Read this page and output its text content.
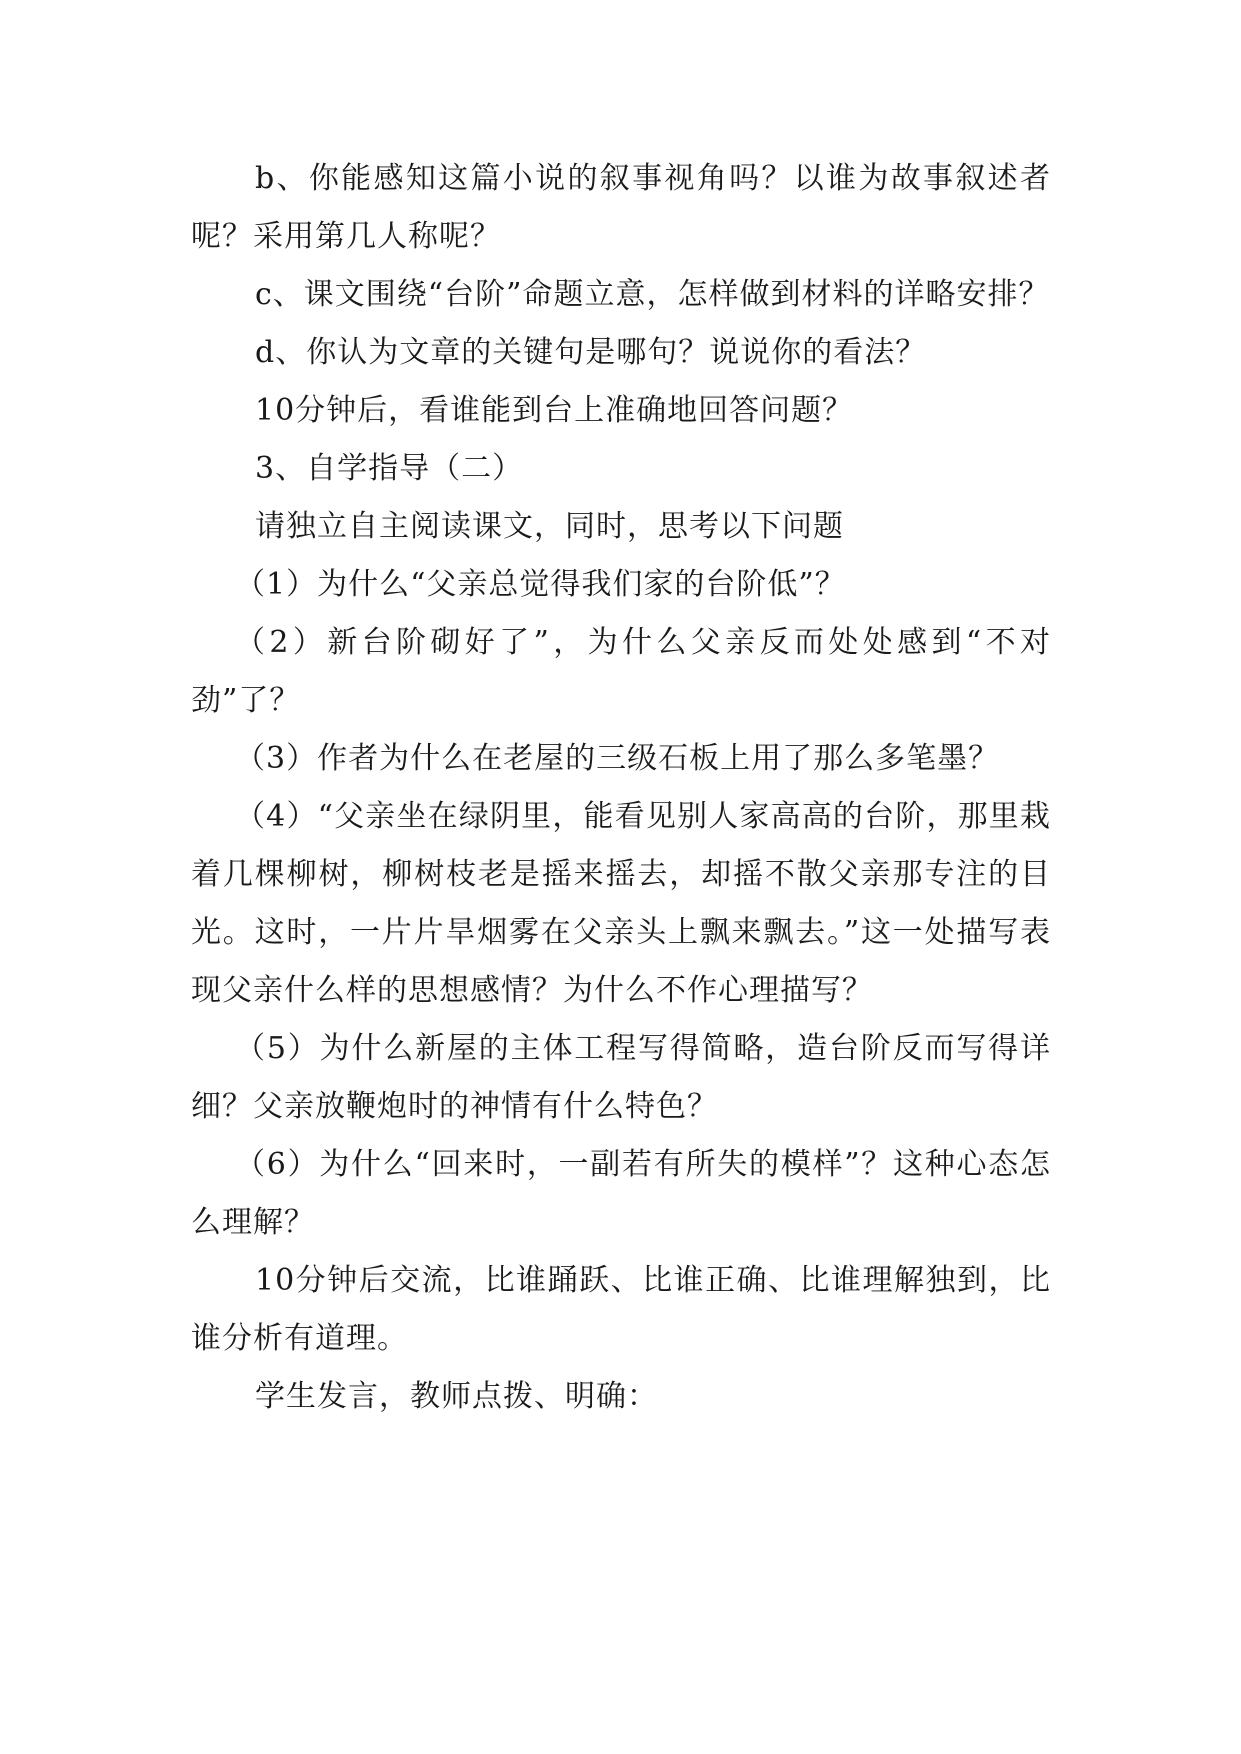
b、你能感知这篇小说的叙事视角吗？以谁为故事叙述者呢？采用第几人称呢？

c、课文围绕“台阶”命题立意，怎样做到材料的详略安排？

d、你认为文章的关键句是哪句？说说你的看法？

10分钟后，看谁能到台上准确地回答问题？

3、自学指导（二）

请独立自主阅读课文，同时，思考以下问题

（1）为什么“父亲总觉得我们家的台阶低”？

（2）新台阶砌好了”，为什么父亲反而处处感到“不对劲”了？

（3）作者为什么在老屋的三级石板上用了那么多笔墨？

（4）“父亲坐在绿阴里，能看见别人家高高的台阶，那里栽着几棵柳树，柳树枝老是摇来摇去，却摇不散父亲那专注的目光。这时，一片片旱烟雾在父亲头上飘来飘去。”这一处描写表现父亲什么样的思想感情？为什么不作心理描写？

（5）为什么新屋的主体工程写得简略，造台阶反而写得详细？父亲放鞭炮时的神情有什么特色？

（6）为什么“回来时，一副若有所失的模样”？这种心态怎么理解？

10分钟后交流，比谁踊跃、比谁正确、比谁理解独到，比谁分析有道理。

学生发言，教师点拨、明确：
